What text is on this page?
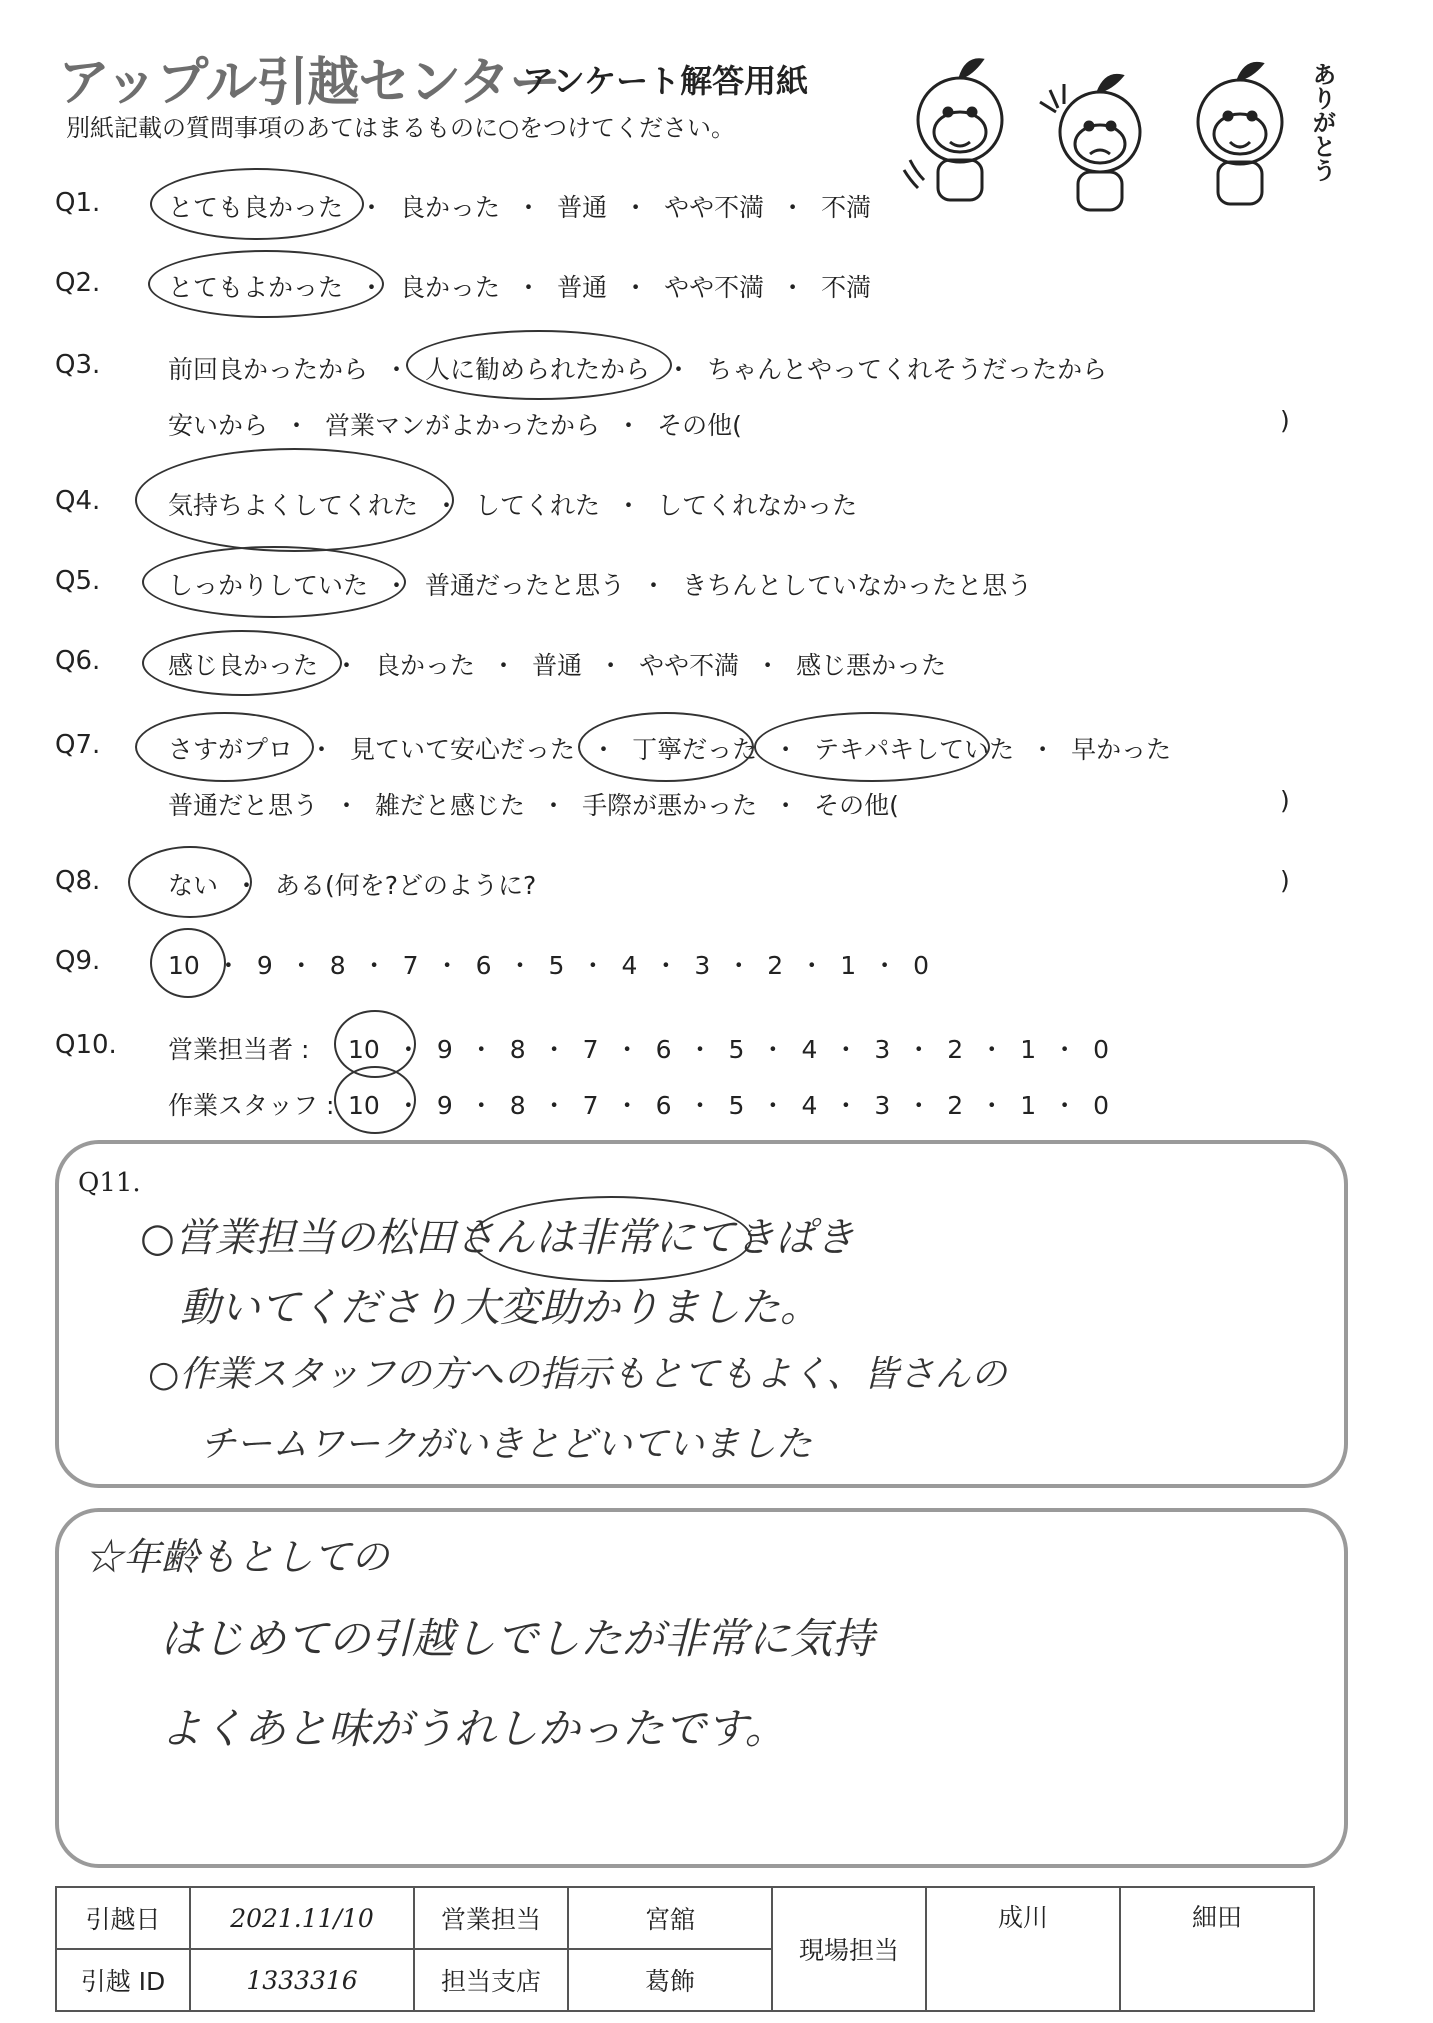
アップル引越センター
アンケート解答用紙
別紙記載の質問事項のあてはまるものに○をつけてください。	ありがとう
Q1.	とても良かった ・ 良かった ・ 普通 ・ やや不満 ・ 不満
Q2.	とてもよかった ・ 良かった ・ 普通 ・ やや不満 ・ 不満
Q3.	前回良かったから ・ 人に勧められたから ・ ちゃんとやってくれそうだったから
安いから ・ 営業マンがよかったから ・ その他(	)
Q4.	気持ちよくしてくれた ・ してくれた ・ してくれなかった
Q5.	しっかりしていた ・ 普通だったと思う ・ きちんとしていなかったと思う
Q6.	感じ良かった ・ 良かった ・ 普通 ・ やや不満 ・ 感じ悪かった
Q7.	さすがプロ ・ 見ていて安心だった ・ 丁寧だった ・ テキパキしていた ・ 早かった
普通だと思う ・ 雑だと感じた ・ 手際が悪かった ・ その他(	)
Q8.	ない ・ ある(何を?どのように?	)
Q9.	10 ・ 9 ・ 8 ・ 7 ・ 6 ・ 5 ・ 4 ・ 3 ・ 2 ・ 1 ・ 0
Q10. 営業担当者 : 10 ・ 9 ・ 8 ・ 7 ・ 6 ・ 5 ・ 4 ・ 3 ・ 2 ・ 1 ・ 0
作業スタッフ : 10 ・ 9 ・ 8 ・ 7 ・ 6 ・ 5 ・ 4 ・ 3 ・ 2 ・ 1 ・ 0
Q11.
○営業担当の松田さんは非常にてきぱき
動いてくださり大変助かりました。
○作業スタッフの方への指示もとてもよく、皆さんの
チームワークがいきとどいていました
☆年齢もとしての
はじめての引越しでしたが非常に気持
よくあと味がうれしかったです。
引越日	2021.11/10	営業担当	宮舘	現場担当	成川	細田
引越 ID	1333316	担当支店	葛飾			
